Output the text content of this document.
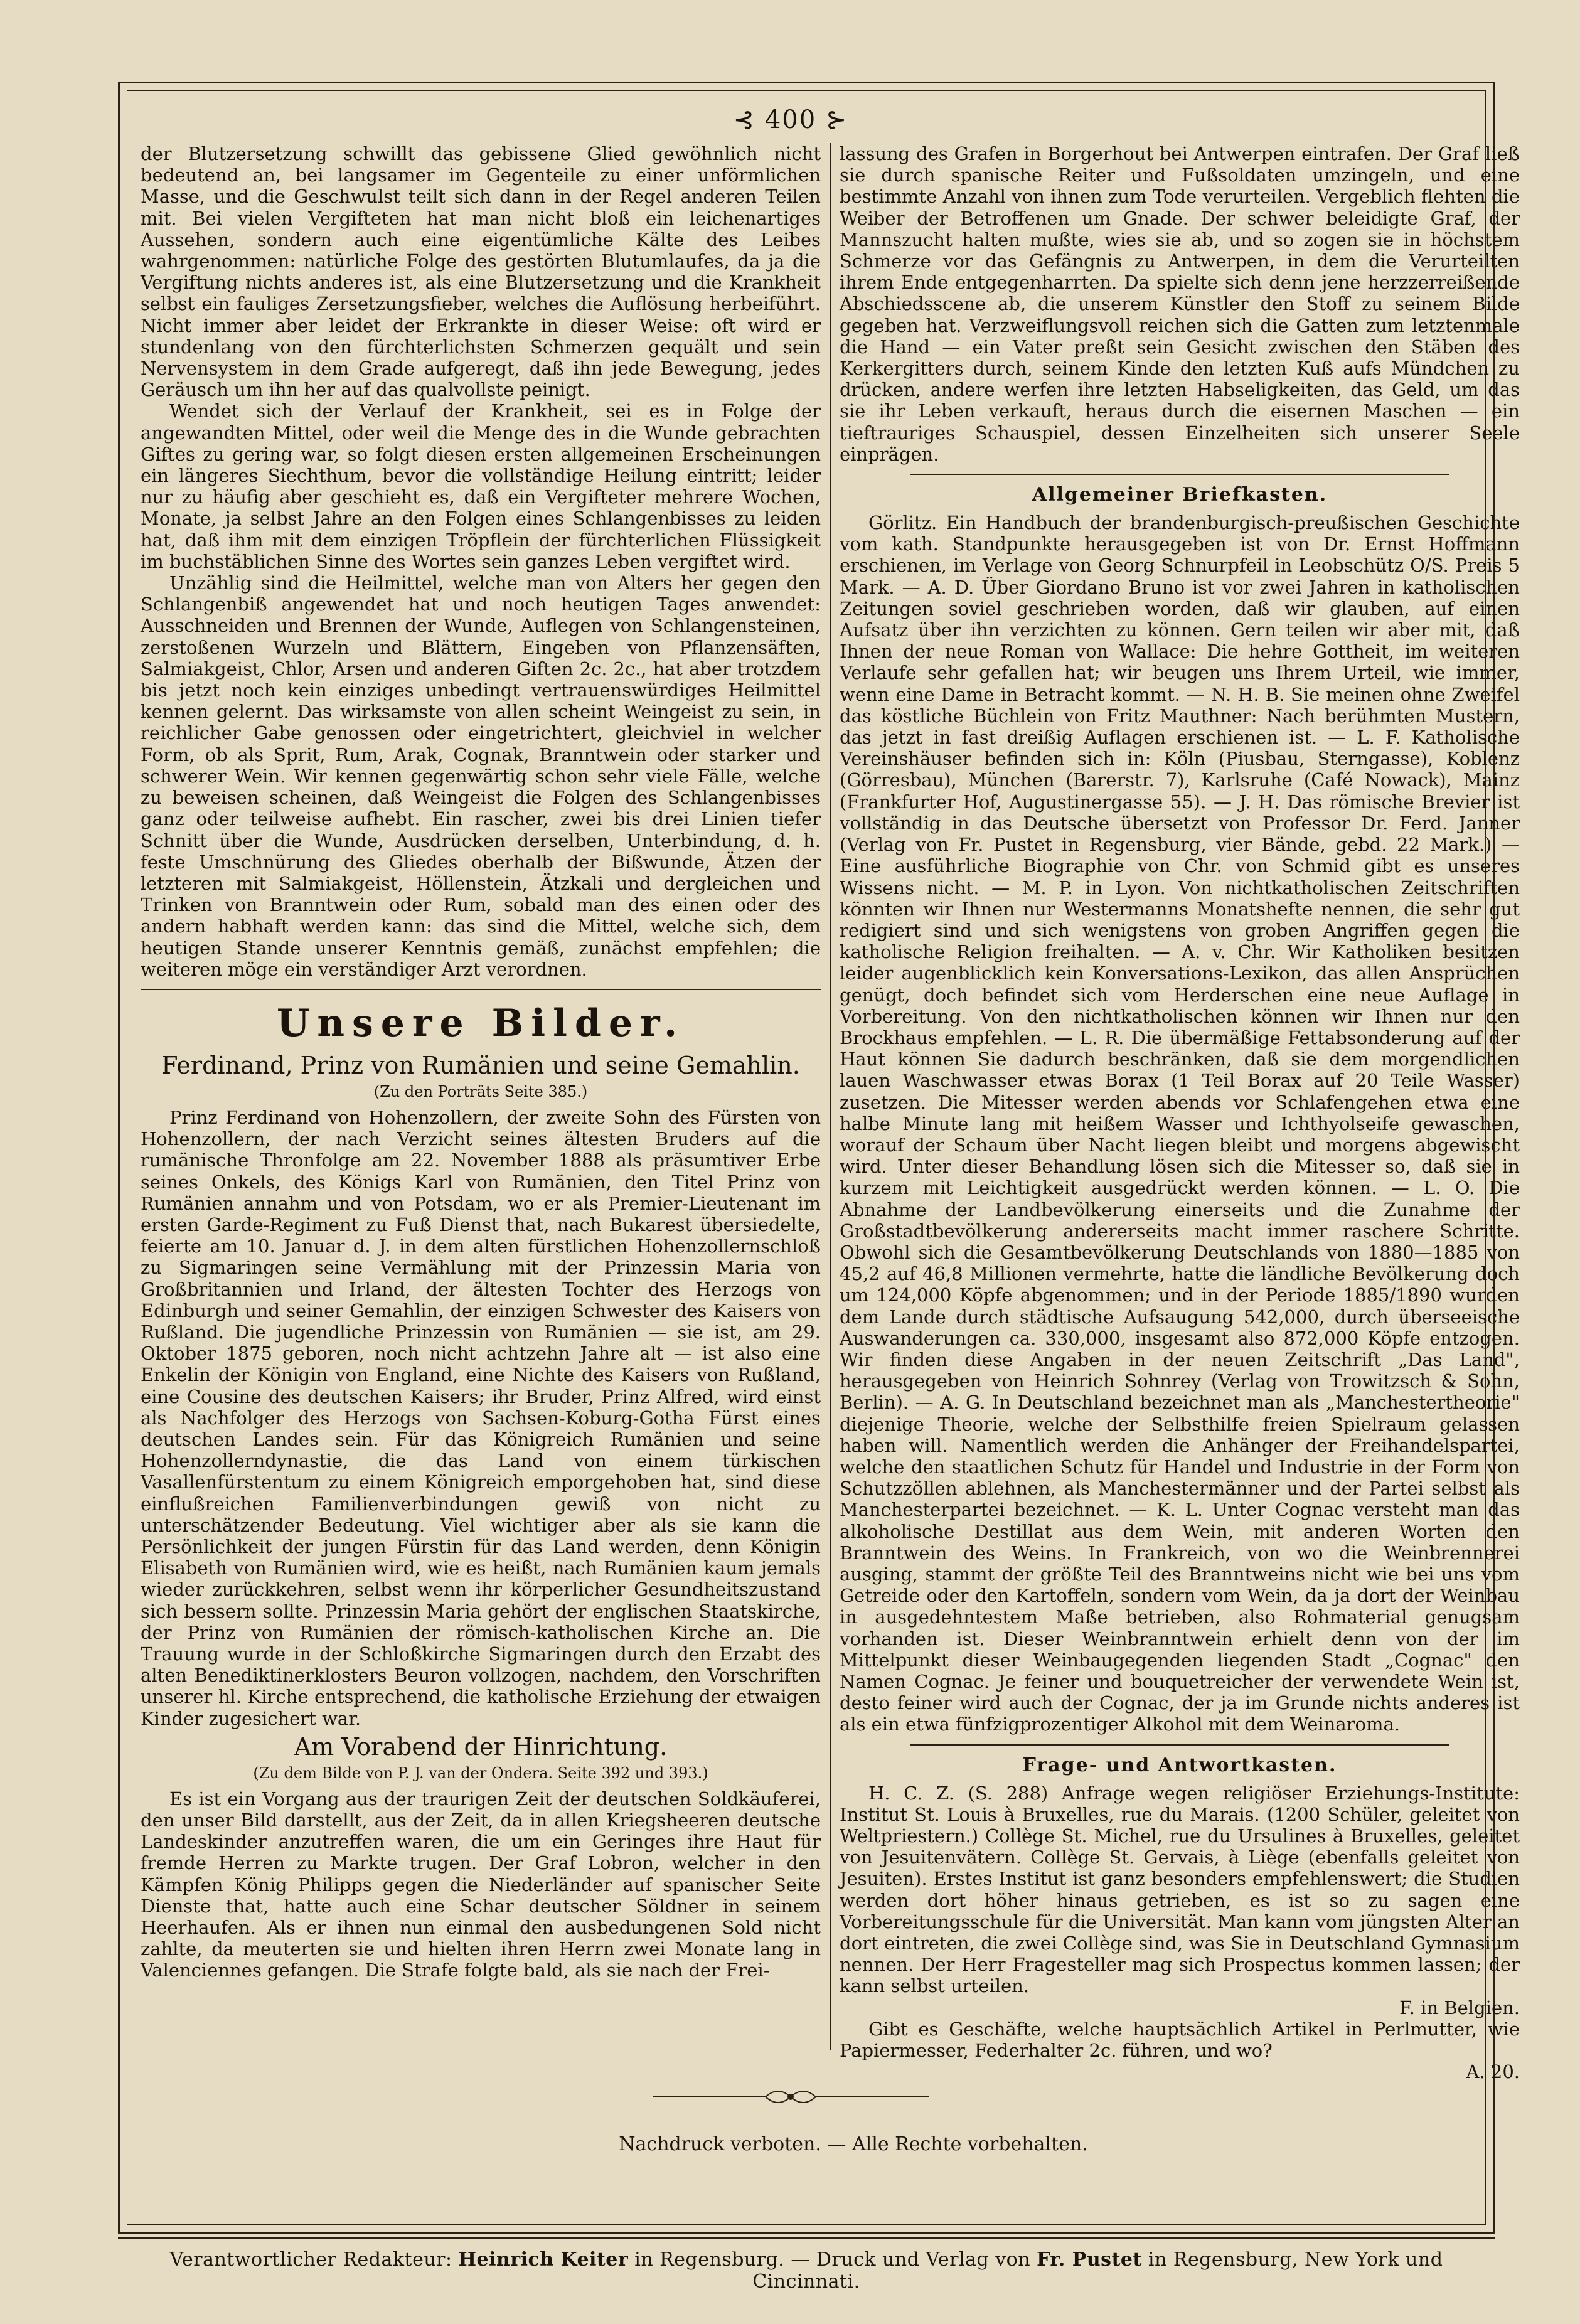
⊰ 400 ⊱

der Blutzersetzung schwillt das gebissene Glied gewöhnlich nicht bedeutend an, bei langsamer im Gegenteile zu einer unförmlichen Masse, und die Geschwulst teilt sich dann in der Regel anderen Teilen mit. Bei vielen Vergifteten hat man nicht bloß ein leichenartiges Aussehen, sondern auch eine eigentümliche Kälte des Leibes wahrgenommen: natürliche Folge des gestörten Blutumlaufes, da ja die Vergiftung nichts anderes ist, als eine Blutzersetzung und die Krankheit selbst ein fauliges Zersetzungsfieber, welches die Auflösung herbeiführt. Nicht immer aber leidet der Erkrankte in dieser Weise: oft wird er stundenlang von den fürchterlichsten Schmerzen gequält und sein Nervensystem in dem Grade aufgeregt, daß ihn jede Bewegung, jedes Geräusch um ihn her auf das qualvollste peinigt.

Wendet sich der Verlauf der Krankheit, sei es in Folge der angewandten Mittel, oder weil die Menge des in die Wunde gebrachten Giftes zu gering war, so folgt diesen ersten allgemeinen Erscheinungen ein längeres Siechthum, bevor die vollständige Heilung eintritt; leider nur zu häufig aber geschieht es, daß ein Vergifteter mehrere Wochen, Monate, ja selbst Jahre an den Folgen eines Schlangenbisses zu leiden hat, daß ihm mit dem einzigen Tröpflein der fürchterlichen Flüssigkeit im buchstäblichen Sinne des Wortes sein ganzes Leben vergiftet wird.

Unzählig sind die Heilmittel, welche man von Alters her gegen den Schlangenbiß angewendet hat und noch heutigen Tages anwendet: Ausschneiden und Brennen der Wunde, Auflegen von Schlangensteinen, zerstoßenen Wurzeln und Blättern, Eingeben von Pflanzensäften, Salmiakgeist, Chlor, Arsen und anderen Giften 2c. 2c., hat aber trotzdem bis jetzt noch kein einziges unbedingt vertrauenswürdiges Heilmittel kennen gelernt. Das wirksamste von allen scheint Weingeist zu sein, in reichlicher Gabe genossen oder eingetrichtert, gleichviel in welcher Form, ob als Sprit, Rum, Arak, Cognak, Branntwein oder starker und schwerer Wein. Wir kennen gegenwärtig schon sehr viele Fälle, welche zu beweisen scheinen, daß Weingeist die Folgen des Schlangenbisses ganz oder teilweise aufhebt. Ein rascher, zwei bis drei Linien tiefer Schnitt über die Wunde, Ausdrücken derselben, Unterbindung, d. h. feste Umschnürung des Gliedes oberhalb der Bißwunde, Ätzen der letzteren mit Salmiakgeist, Höllenstein, Ätzkali und dergleichen und Trinken von Branntwein oder Rum, sobald man des einen oder des andern habhaft werden kann: das sind die Mittel, welche sich, dem heutigen Stande unserer Kenntnis gemäß, zunächst empfehlen; die weiteren möge ein verständiger Arzt verordnen.

Unsere Bilder.
Ferdinand, Prinz von Rumänien und seine Gemahlin.
(Zu den Porträts Seite 385.)

Prinz Ferdinand von Hohenzollern, der zweite Sohn des Fürsten von Hohenzollern, der nach Verzicht seines ältesten Bruders auf die rumänische Thronfolge am 22. November 1888 als präsumtiver Erbe seines Onkels, des Königs Karl von Rumänien, den Titel Prinz von Rumänien annahm und von Potsdam, wo er als Premier-Lieutenant im ersten Garde-Regiment zu Fuß Dienst that, nach Bukarest übersiedelte, feierte am 10. Januar d. J. in dem alten fürstlichen Hohenzollernschloß zu Sigmaringen seine Vermählung mit der Prinzessin Maria von Großbritannien und Irland, der ältesten Tochter des Herzogs von Edinburgh und seiner Gemahlin, der einzigen Schwester des Kaisers von Rußland. Die jugendliche Prinzessin von Rumänien — sie ist, am 29. Oktober 1875 geboren, noch nicht achtzehn Jahre alt — ist also eine Enkelin der Königin von England, eine Nichte des Kaisers von Rußland, eine Cousine des deutschen Kaisers; ihr Bruder, Prinz Alfred, wird einst als Nachfolger des Herzogs von Sachsen-Koburg-Gotha Fürst eines deutschen Landes sein. Für das Königreich Rumänien und seine Hohenzollerndynastie, die das Land von einem türkischen Vasallenfürstentum zu einem Königreich emporgehoben hat, sind diese einflußreichen Familienverbindungen gewiß von nicht zu unterschätzender Bedeutung. Viel wichtiger aber als sie kann die Persönlichkeit der jungen Fürstin für das Land werden, denn Königin Elisabeth von Rumänien wird, wie es heißt, nach Rumänien kaum jemals wieder zurückkehren, selbst wenn ihr körperlicher Gesundheitszustand sich bessern sollte. Prinzessin Maria gehört der englischen Staatskirche, der Prinz von Rumänien der römisch-katholischen Kirche an. Die Trauung wurde in der Schloßkirche Sigmaringen durch den Erzabt des alten Benediktinerklosters Beuron vollzogen, nachdem, den Vorschriften unserer hl. Kirche entsprechend, die katholische Erziehung der etwaigen Kinder zugesichert war.

Am Vorabend der Hinrichtung.
(Zu dem Bilde von P. J. van der Ondera. Seite 392 und 393.)

Es ist ein Vorgang aus der traurigen Zeit der deutschen Soldkäuferei, den unser Bild darstellt, aus der Zeit, da in allen Kriegsheeren deutsche Landeskinder anzutreffen waren, die um ein Geringes ihre Haut für fremde Herren zu Markte trugen. Der Graf Lobron, welcher in den Kämpfen König Philipps gegen die Niederländer auf spanischer Seite Dienste that, hatte auch eine Schar deutscher Söldner in seinem Heerhaufen. Als er ihnen nun einmal den ausbedungenen Sold nicht zahlte, da meuterten sie und hielten ihren Herrn zwei Monate lang in Valenciennes gefangen. Die Strafe folgte bald, als sie nach der Frei-

lassung des Grafen in Borgerhout bei Antwerpen eintrafen. Der Graf ließ sie durch spanische Reiter und Fußsoldaten umzingeln, und eine bestimmte Anzahl von ihnen zum Tode verurteilen. Vergeblich flehten die Weiber der Betroffenen um Gnade. Der schwer beleidigte Graf, der Mannszucht halten mußte, wies sie ab, und so zogen sie in höchstem Schmerze vor das Gefängnis zu Antwerpen, in dem die Verurteilten ihrem Ende entgegenharrten. Da spielte sich denn jene herzzerreißende Abschiedsscene ab, die unserem Künstler den Stoff zu seinem Bilde gegeben hat. Verzweiflungsvoll reichen sich die Gatten zum letztenmale die Hand — ein Vater preßt sein Gesicht zwischen den Stäben des Kerkergitters durch, seinem Kinde den letzten Kuß aufs Mündchen zu drücken, andere werfen ihre letzten Habseligkeiten, das Geld, um das sie ihr Leben verkauft, heraus durch die eisernen Maschen — ein tieftrauriges Schauspiel, dessen Einzelheiten sich unserer Seele einprägen.

Allgemeiner Briefkasten.

Görlitz. Ein Handbuch der brandenburgisch-preußischen Geschichte vom kath. Standpunkte herausgegeben ist von Dr. Ernst Hoffmann erschienen, im Verlage von Georg Schnurpfeil in Leobschütz O/S. Preis 5 Mark. — A. D. Über Giordano Bruno ist vor zwei Jahren in katholischen Zeitungen soviel geschrieben worden, daß wir glauben, auf einen Aufsatz über ihn verzichten zu können. Gern teilen wir aber mit, daß Ihnen der neue Roman von Wallace: Die hehre Gottheit, im weiteren Verlaufe sehr gefallen hat; wir beugen uns Ihrem Urteil, wie immer, wenn eine Dame in Betracht kommt. — N. H. B. Sie meinen ohne Zweifel das köstliche Büchlein von Fritz Mauthner: Nach berühmten Mustern, das jetzt in fast dreißig Auflagen erschienen ist. — L. F. Katholische Vereinshäuser befinden sich in: Köln (Piusbau, Sterngasse), Koblenz (Görresbau), München (Barerstr. 7), Karlsruhe (Café Nowack), Mainz (Frankfurter Hof, Augustinergasse 55). — J. H. Das römische Brevier ist vollständig in das Deutsche übersetzt von Professor Dr. Ferd. Janner (Verlag von Fr. Pustet in Regensburg, vier Bände, gebd. 22 Mark.) — Eine ausführliche Biographie von Chr. von Schmid gibt es unseres Wissens nicht. — M. P. in Lyon. Von nichtkatholischen Zeitschriften könnten wir Ihnen nur Westermanns Monatshefte nennen, die sehr gut redigiert sind und sich wenigstens von groben Angriffen gegen die katholische Religion freihalten. — A. v. Chr. Wir Katholiken besitzen leider augenblicklich kein Konversations-Lexikon, das allen Ansprüchen genügt, doch befindet sich vom Herderschen eine neue Auflage in Vorbereitung. Von den nichtkatholischen können wir Ihnen nur den Brockhaus empfehlen. — L. R. Die übermäßige Fettabsonderung auf der Haut können Sie dadurch beschränken, daß sie dem morgendlichen lauen Waschwasser etwas Borax (1 Teil Borax auf 20 Teile Wasser) zusetzen. Die Mitesser werden abends vor Schlafengehen etwa eine halbe Minute lang mit heißem Wasser und Ichthyolseife gewaschen, worauf der Schaum über Nacht liegen bleibt und morgens abgewischt wird. Unter dieser Behandlung lösen sich die Mitesser so, daß sie in kurzem mit Leichtigkeit ausgedrückt werden können. — L. O. Die Abnahme der Landbevölkerung einerseits und die Zunahme der Großstadtbevölkerung andererseits macht immer raschere Schritte. Obwohl sich die Gesamtbevölkerung Deutschlands von 1880—1885 von 45,2 auf 46,8 Millionen vermehrte, hatte die ländliche Bevölkerung doch um 124,000 Köpfe abgenommen; und in der Periode 1885/1890 wurden dem Lande durch städtische Aufsaugung 542,000, durch überseeische Auswanderungen ca. 330,000, insgesamt also 872,000 Köpfe entzogen. Wir finden diese Angaben in der neuen Zeitschrift „Das Land", herausgegeben von Heinrich Sohnrey (Verlag von Trowitzsch & Sohn, Berlin). — A. G. In Deutschland bezeichnet man als „Manchestertheorie" diejenige Theorie, welche der Selbsthilfe freien Spielraum gelassen haben will. Namentlich werden die Anhänger der Freihandelspartei, welche den staatlichen Schutz für Handel und Industrie in der Form von Schutzzöllen ablehnen, als Manchestermänner und der Partei selbst als Manchesterpartei bezeichnet. — K. L. Unter Cognac versteht man das alkoholische Destillat aus dem Wein, mit anderen Worten den Branntwein des Weins. In Frankreich, von wo die Weinbrennerei ausging, stammt der größte Teil des Branntweins nicht wie bei uns vom Getreide oder den Kartoffeln, sondern vom Wein, da ja dort der Weinbau in ausgedehntestem Maße betrieben, also Rohmaterial genugsam vorhanden ist. Dieser Weinbranntwein erhielt denn von der im Mittelpunkt dieser Weinbaugegenden liegenden Stadt „Cognac" den Namen Cognac. Je feiner und bouquetreicher der verwendete Wein ist, desto feiner wird auch der Cognac, der ja im Grunde nichts anderes ist als ein etwa fünfzigprozentiger Alkohol mit dem Weinaroma.

Frage- und Antwortkasten.

H. C. Z. (S. 288) Anfrage wegen religiöser Erziehungs-Institute: Institut St. Louis à Bruxelles, rue du Marais. (1200 Schüler, geleitet von Weltpriestern.) Collège St. Michel, rue du Ursulines à Bruxelles, geleitet von Jesuitenvätern. Collège St. Gervais, à Liège (ebenfalls geleitet von Jesuiten). Erstes Institut ist ganz besonders empfehlenswert; die Studien werden dort höher hinaus getrieben, es ist so zu sagen eine Vorbereitungsschule für die Universität. Man kann vom jüngsten Alter an dort eintreten, die zwei Collège sind, was Sie in Deutschland Gymnasium nennen. Der Herr Fragesteller mag sich Prospectus kommen lassen; der kann selbst urteilen.

F. in Belgien.

Gibt es Geschäfte, welche hauptsächlich Artikel in Perlmutter, wie Papiermesser, Federhalter 2c. führen, und wo?

A. 20.
Nachdruck verboten. — Alle Rechte vorbehalten.
Verantwortlicher Redakteur: Heinrich Keiter in Regensburg. — Druck und Verlag von Fr. Pustet in Regensburg, New York und Cincinnati.
